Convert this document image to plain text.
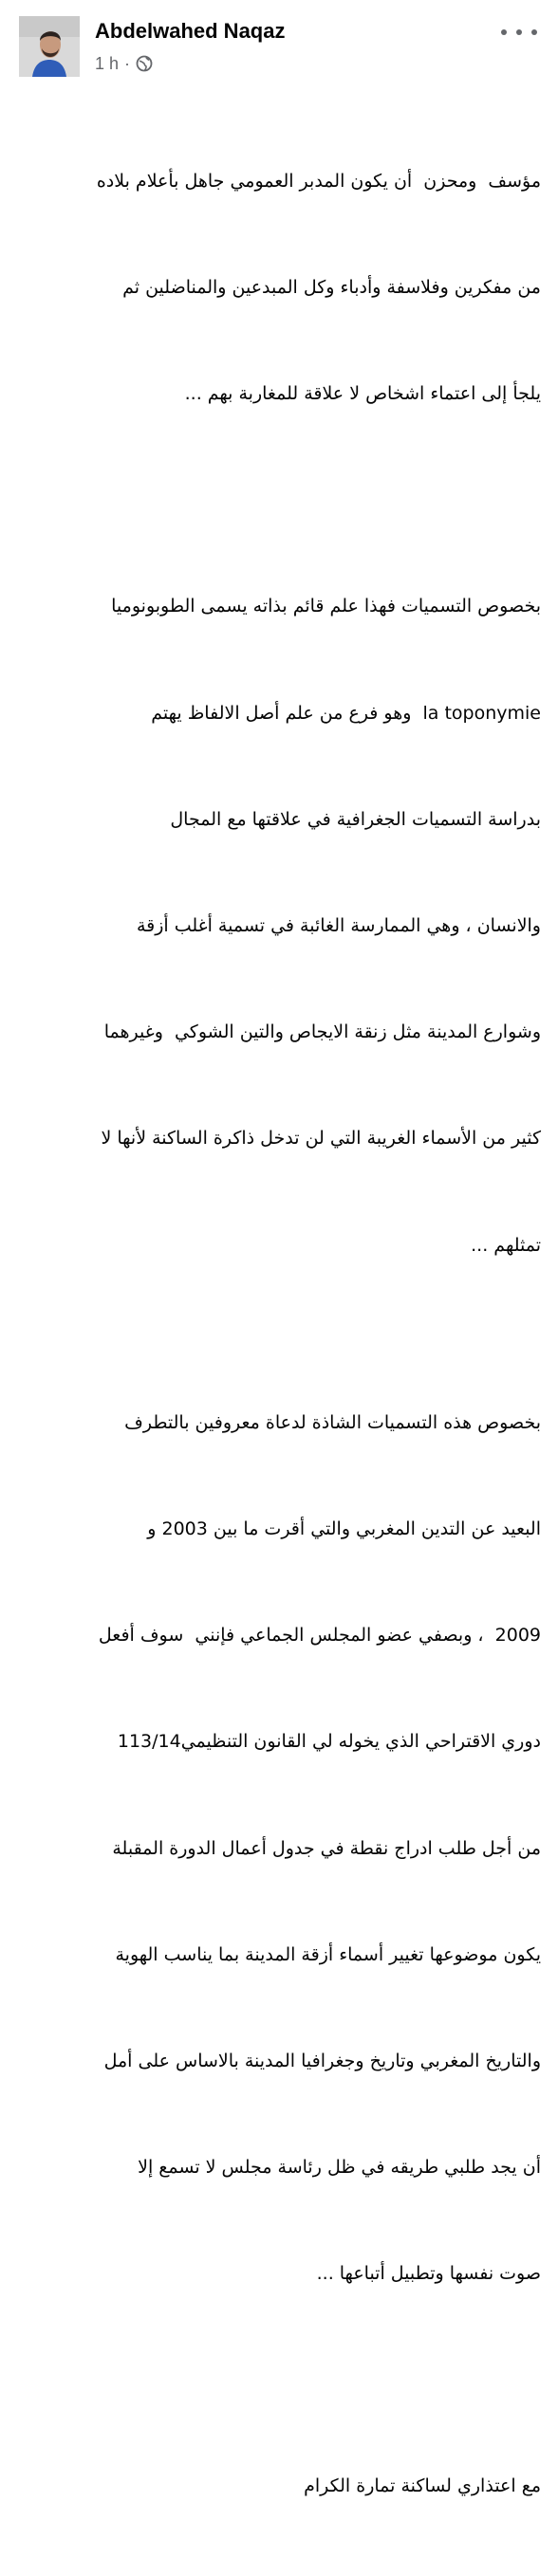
Abdelwahed Naqaz
1 h ·

مؤسف  ومحزن  أن يكون المدبر العمومي جاهل بأعلام بلاده

من مفكرين وفلاسفة وأدباء وكل المبدعين والمناضلين ثم

يلجأ إلى اعتماء اشخاص لا علاقة للمغاربة بهم ...

بخصوص التسميات فهذا علم قائم بذاته يسمى الطوبونوميا

la toponymie  وهو فرع من علم أصل الالفاظ يهتم

بدراسة التسميات الجغرافية في علاقتها مع المجال

والانسان ، وهي الممارسة الغائبة في تسمية أغلب أزقة

وشوارع المدينة مثل زنقة الايجاص والتين الشوكي  وغيرهما

كثير من الأسماء الغريبة التي لن تدخل ذاكرة الساكنة لأنها لا

تمثلهم ...

بخصوص هذه التسميات الشاذة لدعاة معروفين بالتطرف

البعيد عن التدين المغربي والتي أقرت ما بين 2003 و

2009  ، وبصفي عضو المجلس الجماعي فإنني  سوف أفعل

دوري الاقتراحي الذي يخوله لي القانون التنظيمي113/14

من أجل طلب ادراج نقطة في جدول أعمال الدورة المقبلة

يكون موضوعها تغيير أسماء أزقة المدينة بما يناسب الهوية

والتاريخ المغربي وتاريخ وجغرافيا المدينة بالاساس على أمل

أن يجد طلبي طريقه في ظل رئاسة مجلس لا تسمع إلا

صوت نفسها وتطبيل أتباعها ...

مع اعتذاري لساكنة تمارة الكرام
